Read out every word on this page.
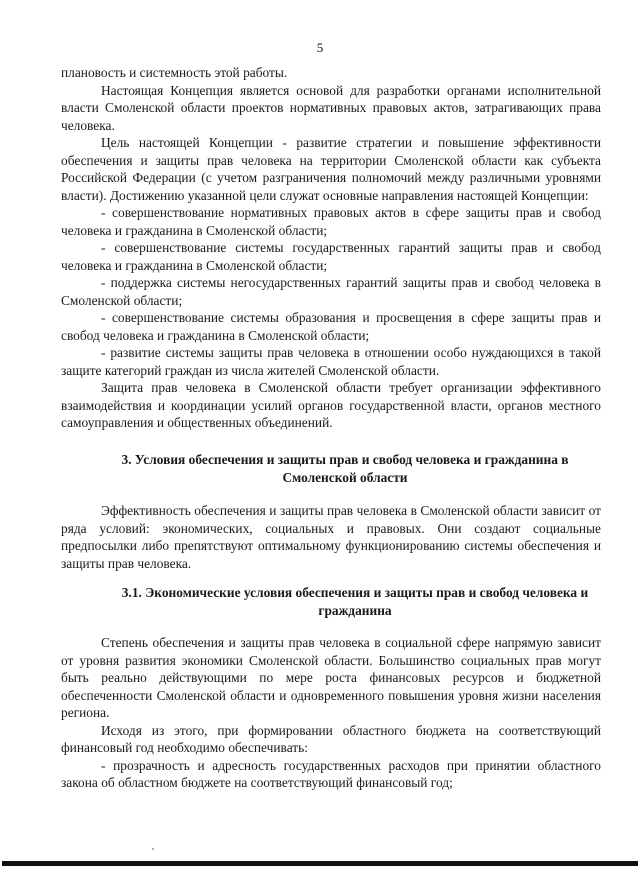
5

плановость и системность этой работы.

Настоящая Концепция является основой для разработки органами исполнительной власти Смоленской области проектов нормативных правовых актов, затрагивающих права человека.

Цель настоящей Концепции - развитие стратегии и повышение эффективности обеспечения и защиты прав человека на территории Смоленской области как субъекта Российской Федерации (с учетом разграничения полномочий между различными уровнями власти). Достижению указанной цели служат основные направления настоящей Концепции:

- совершенствование нормативных правовых актов в сфере защиты прав и свобод человека и гражданина в Смоленской области;

- совершенствование системы государственных гарантий защиты прав и свобод человека и гражданина в Смоленской области;

- поддержка системы негосударственных гарантий защиты прав и свобод человека в Смоленской области;

- совершенствование системы образования и просвещения в сфере защиты прав и свобод человека и гражданина в Смоленской области;

- развитие системы защиты прав человека в отношении особо нуждающихся в такой защите категорий граждан из числа жителей Смоленской области.

Защита прав человека в Смоленской области требует организации эффективного взаимодействия и координации усилий органов государственной власти, органов местного самоуправления и общественных объединений.

3. Условия обеспечения и защиты прав и свобод человека и гражданина в Смоленской области

Эффективность обеспечения и защиты прав человека в Смоленской области зависит от ряда условий: экономических, социальных и правовых. Они создают социальные предпосылки либо препятствуют оптимальному функционированию системы обеспечения и защиты прав человека.

3.1. Экономические условия обеспечения и защиты прав и свобод человека и гражданина

Степень обеспечения и защиты прав человека в социальной сфере напрямую зависит от уровня развития экономики Смоленской области. Большинство социальных прав могут быть реально действующими по мере роста финансовых ресурсов и бюджетной обеспеченности Смоленской области и одновременного повышения уровня жизни населения региона.

Исходя из этого, при формировании областного бюджета на соответствующий финансовый год необходимо обеспечивать:

- прозрачность и адресность государственных расходов при принятии областного закона об областном бюджете на соответствующий финансовый год;
